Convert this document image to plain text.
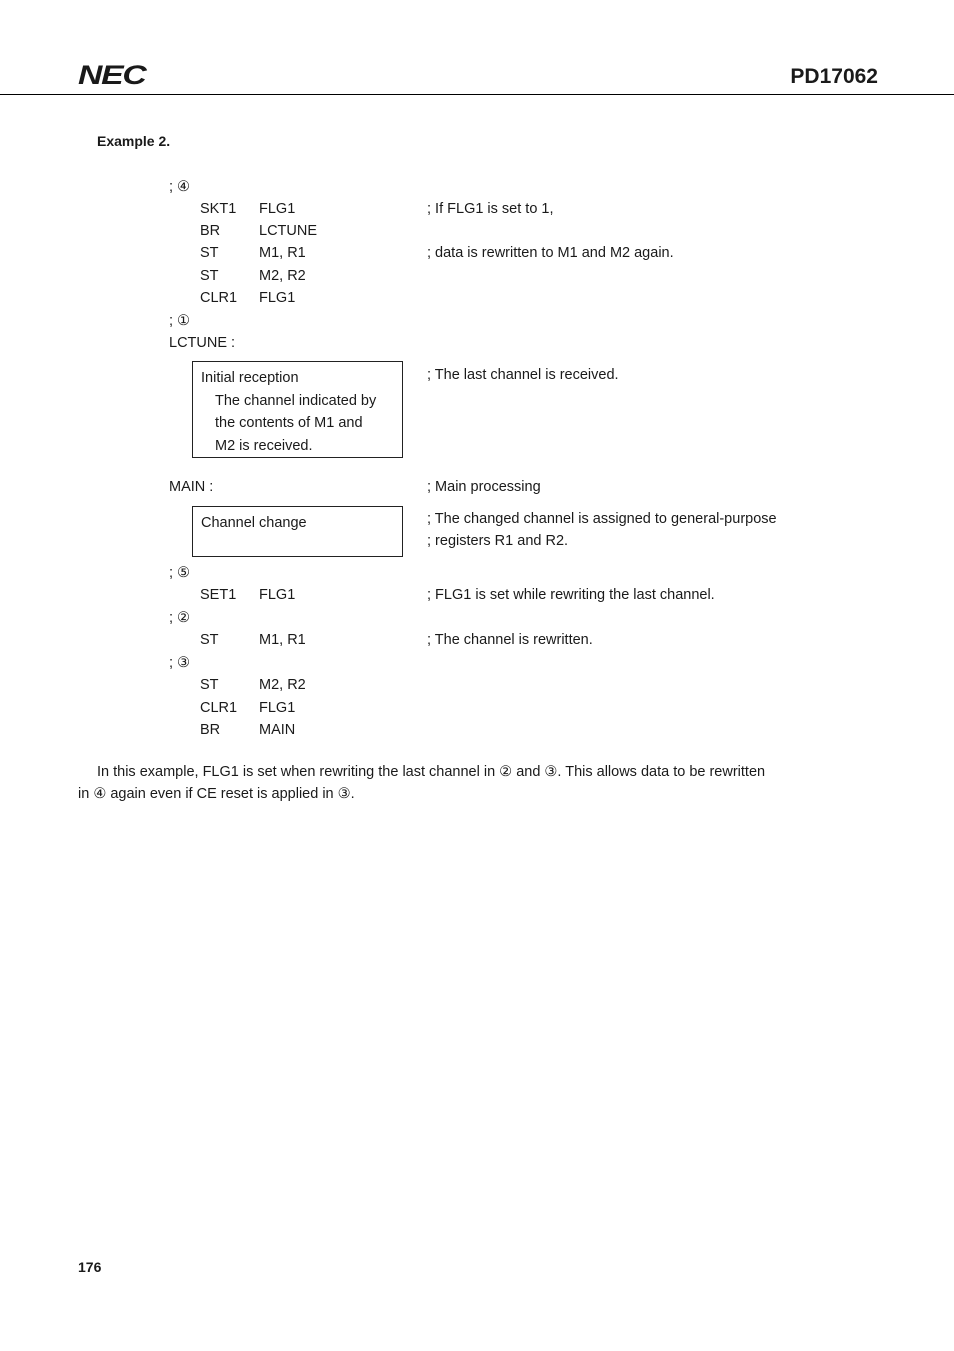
NEC	PD17062
Example 2.
; ④
SKT1 FLG1	; If FLG1 is set to 1,
BR	LCTUNE
ST	M1, R1	; data is rewritten to M1 and M2 again.
ST	M2, R2
CLR1 FLG1
; ①
LCTUNE :
Initial reception
The channel indicated by
the contents of M1 and
M2 is received.
; The last channel is received.
MAIN :	; Main processing
Channel change	; The changed channel is assigned to general-purpose
; registers R1 and R2.
; ⑤
SET1 FLG1	; FLG1 is set while rewriting the last channel.
; ②
ST	M1, R1	; The channel is rewritten.
; ③
ST	M2, R2
CLR1 FLG1
BR	MAIN
In this example, FLG1 is set when rewriting the last channel in ② and ③. This allows data to be rewritten
in ④ again even if CE reset is applied in ③.
176
